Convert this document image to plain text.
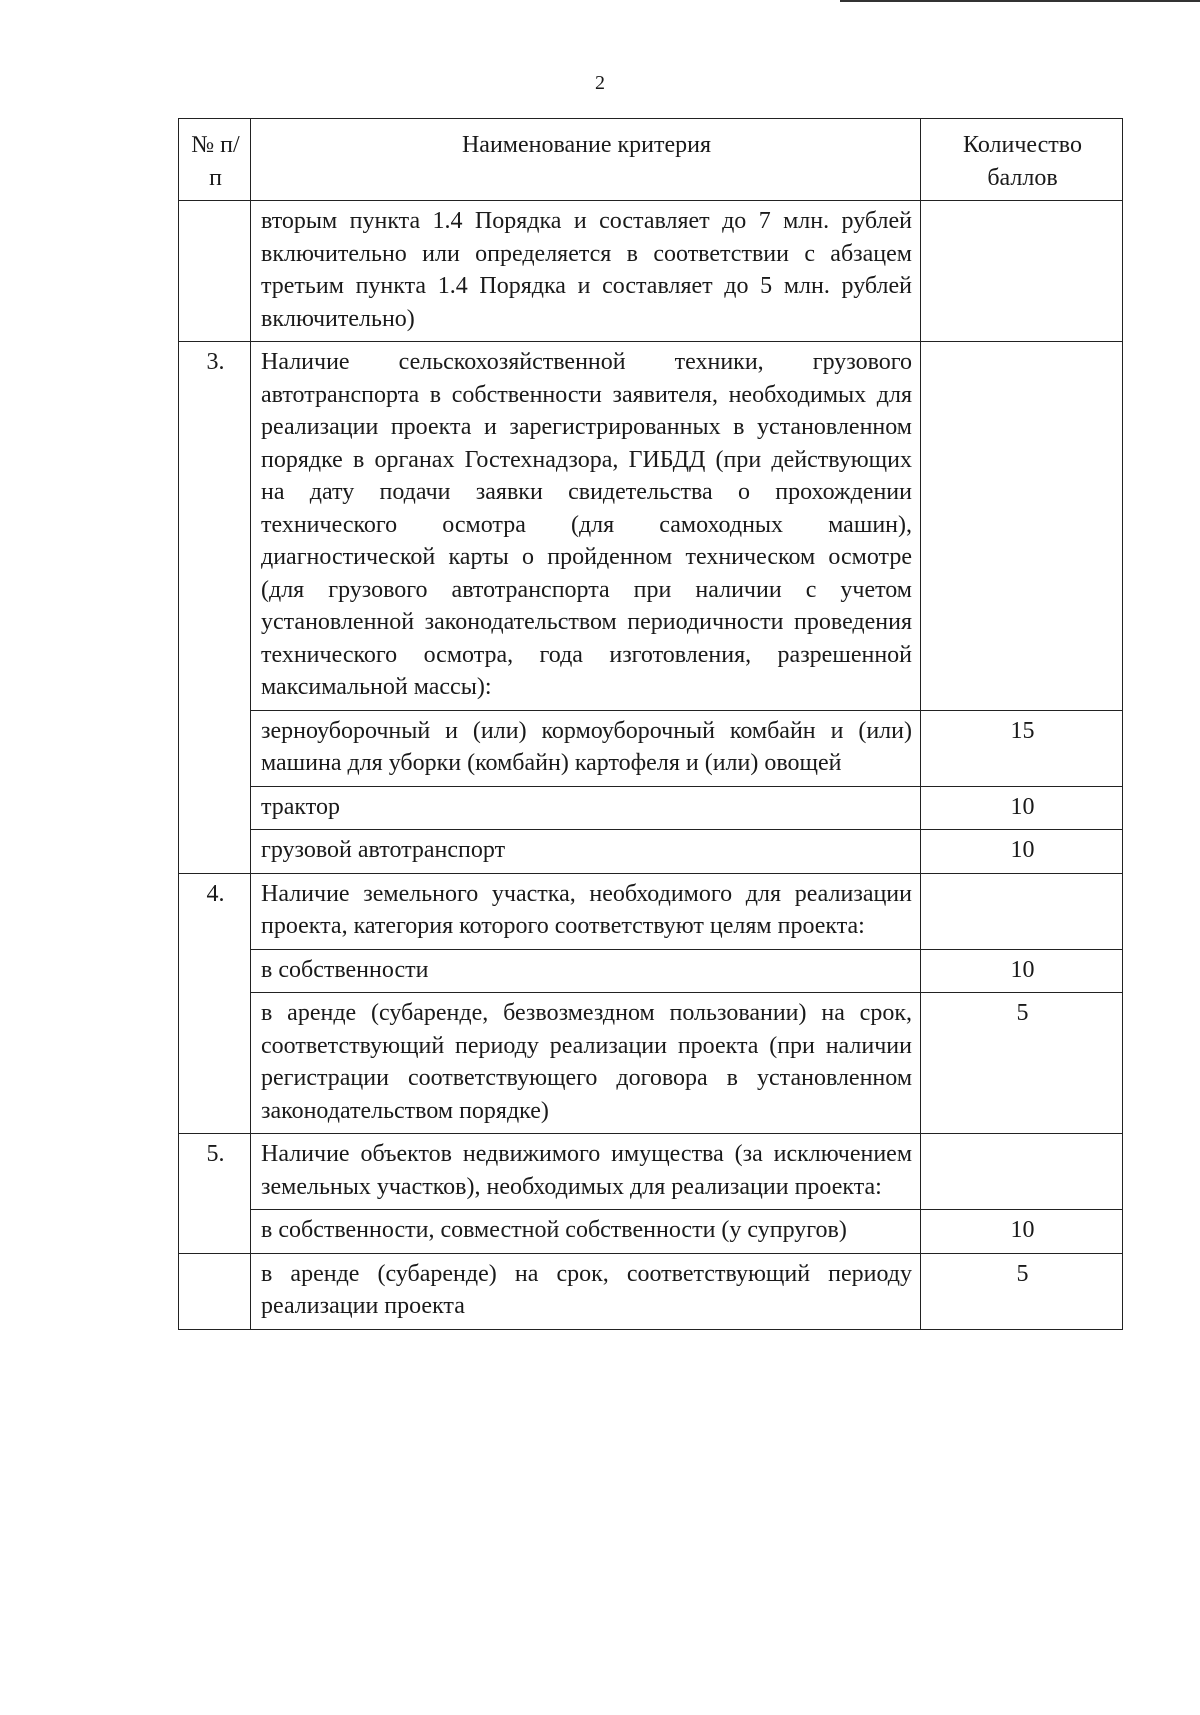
2
№ п/п	Наименование критерия	Количество баллов
	вторым пункта 1.4 Порядка и составляет до 7 млн. рублей включительно или определяется в соответствии с абзацем третьим пункта 1.4 Порядка и составляет до 5 млн. рублей включительно)	
3.	Наличие сельскохозяйственной техники, грузового автотранспорта в собственности заявителя, необходимых для реализации проекта и зарегистрированных в установленном порядке в органах Гостехнадзора, ГИБДД (при действующих на дату подачи заявки свидетельства о прохождении технического осмотра (для самоходных машин), диагностической карты о пройденном техническом осмотре (для грузового автотранспорта при наличии с учетом установленной законодательством периодичности проведения технического осмотра, года изготовления, разрешенной максимальной массы):	
	зерноуборочный и (или) кормоуборочный комбайн и (или) машина для уборки (комбайн) картофеля и (или) овощей	15
	трактор	10
	грузовой автотранспорт	10
4.	Наличие земельного участка, необходимого для реализации проекта, категория которого соответствуют целям проекта:	
	в собственности	10
	в аренде (субаренде, безвозмездном пользовании) на срок, соответствующий периоду реализации проекта (при наличии регистрации соответствующего договора в установленном законодательством порядке)	5
5.	Наличие объектов недвижимого имущества (за исключением земельных участков), необходимых для реализации проекта:	
	в собственности, совместной собственности (у супругов)	10
	в аренде (субаренде) на срок, соответствующий периоду реализации проекта	5
